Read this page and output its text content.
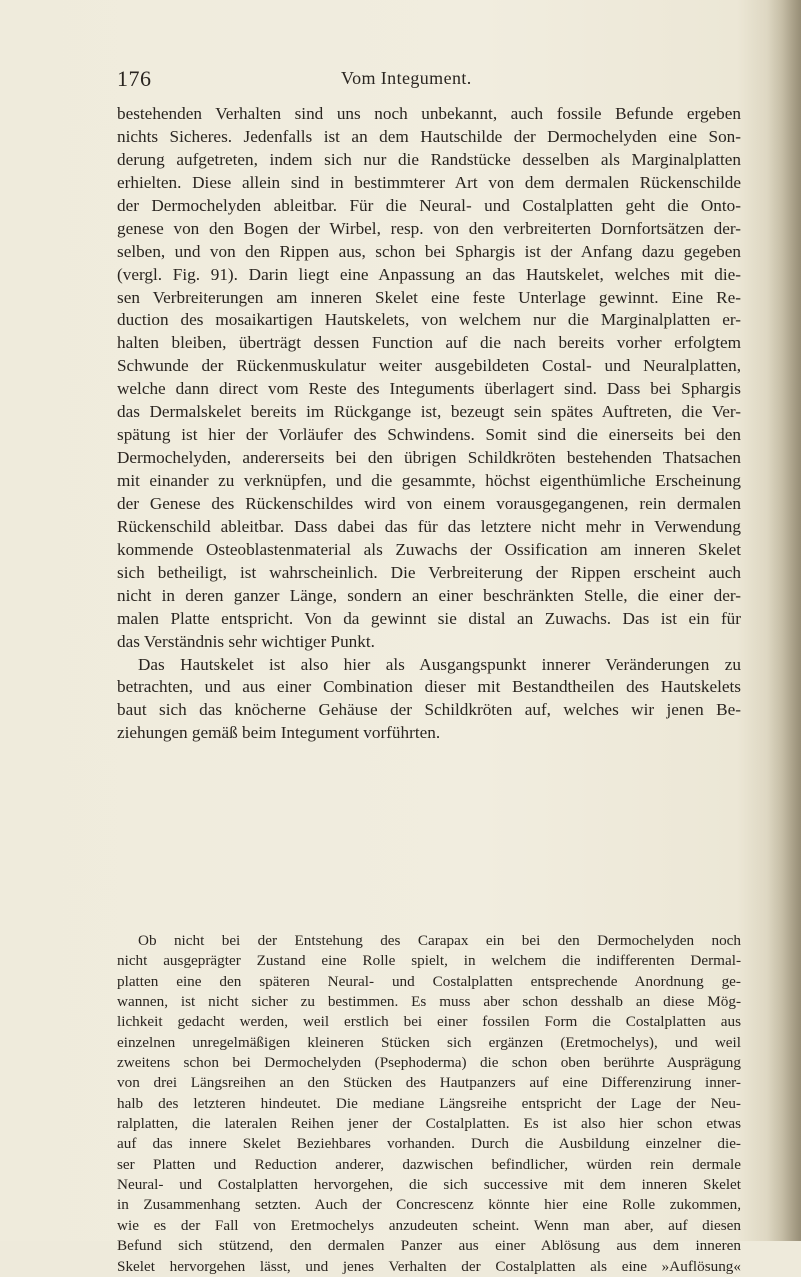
176	Vom Integument.
bestehenden Verhalten sind uns noch unbekannt, auch fossile Befunde ergeben
nichts Sicheres. Jedenfalls ist an dem Hautschilde der Dermochelyden eine Son-
derung aufgetreten, indem sich nur die Randstücke desselben als Marginalplatten
erhielten. Diese allein sind in bestimmterer Art von dem dermalen Rückenschilde
der Dermochelyden ableitbar. Für die Neural- und Costalplatten geht die Onto-
genese von den Bogen der Wirbel, resp. von den verbreiterten Dornfortsätzen der-
selben, und von den Rippen aus, schon bei Sphargis ist der Anfang dazu gegeben
(vergl. Fig. 91). Darin liegt eine Anpassung an das Hautskelet, welches mit die-
sen Verbreiterungen am inneren Skelet eine feste Unterlage gewinnt. Eine Re-
duction des mosaikartigen Hautskelets, von welchem nur die Marginalplatten er-
halten bleiben, überträgt dessen Function auf die nach bereits vorher erfolgtem
Schwunde der Rückenmuskulatur weiter ausgebildeten Costal- und Neuralplatten,
welche dann direct vom Reste des Integuments überlagert sind. Dass bei Sphargis
das Dermalskelet bereits im Rückgange ist, bezeugt sein spätes Auftreten, die Ver-
spätung ist hier der Vorläufer des Schwindens. Somit sind die einerseits bei den
Dermochelyden, andererseits bei den übrigen Schildkröten bestehenden Thatsachen
mit einander zu verknüpfen, und die gesammte, höchst eigenthümliche Erscheinung
der Genese des Rückenschildes wird von einem vorausgegangenen, rein dermalen
Rückenschild ableitbar. Dass dabei das für das letztere nicht mehr in Verwendung
kommende Osteoblastenmaterial als Zuwachs der Ossification am inneren Skelet
sich betheiligt, ist wahrscheinlich. Die Verbreiterung der Rippen erscheint auch
nicht in deren ganzer Länge, sondern an einer beschränkten Stelle, die einer der-
malen Platte entspricht. Von da gewinnt sie distal an Zuwachs. Das ist ein für
das Verständnis sehr wichtiger Punkt.
Das Hautskelet ist also hier als Ausgangspunkt innerer Veränderungen zu
betrachten, und aus einer Combination dieser mit Bestandtheilen des Hautskelets
baut sich das knöcherne Gehäuse der Schildkröten auf, welches wir jenen Be-
ziehungen gemäß beim Integument vorführten.
Ob nicht bei der Entstehung des Carapax ein bei den Dermochelyden noch
nicht ausgeprägter Zustand eine Rolle spielt, in welchem die indifferenten Dermal-
platten eine den späteren Neural- und Costalplatten entsprechende Anordnung ge-
wannen, ist nicht sicher zu bestimmen. Es muss aber schon desshalb an diese Mög-
lichkeit gedacht werden, weil erstlich bei einer fossilen Form die Costalplatten aus
einzelnen unregelmäßigen kleineren Stücken sich ergänzen (Eretmochelys), und weil
zweitens schon bei Dermochelyden (Psephoderma) die schon oben berührte Ausprägung
von drei Längsreihen an den Stücken des Hautpanzers auf eine Differenzirung inner-
halb des letzteren hindeutet. Die mediane Längsreihe entspricht der Lage der Neu-
ralplatten, die lateralen Reihen jener der Costalplatten. Es ist also hier schon etwas
auf das innere Skelet Beziehbares vorhanden. Durch die Ausbildung einzelner die-
ser Platten und Reduction anderer, dazwischen befindlicher, würden rein dermale
Neural- und Costalplatten hervorgehen, die sich successive mit dem inneren Skelet
in Zusammenhang setzten. Auch der Concrescenz könnte hier eine Rolle zukommen,
wie es der Fall von Eretmochelys anzudeuten scheint. Wenn man aber, auf diesen
Befund sich stützend, den dermalen Panzer aus einer Ablösung aus dem inneren
Skelet hervorgehen lässt, und jenes Verhalten der Costalplatten als eine »Auflösung«
